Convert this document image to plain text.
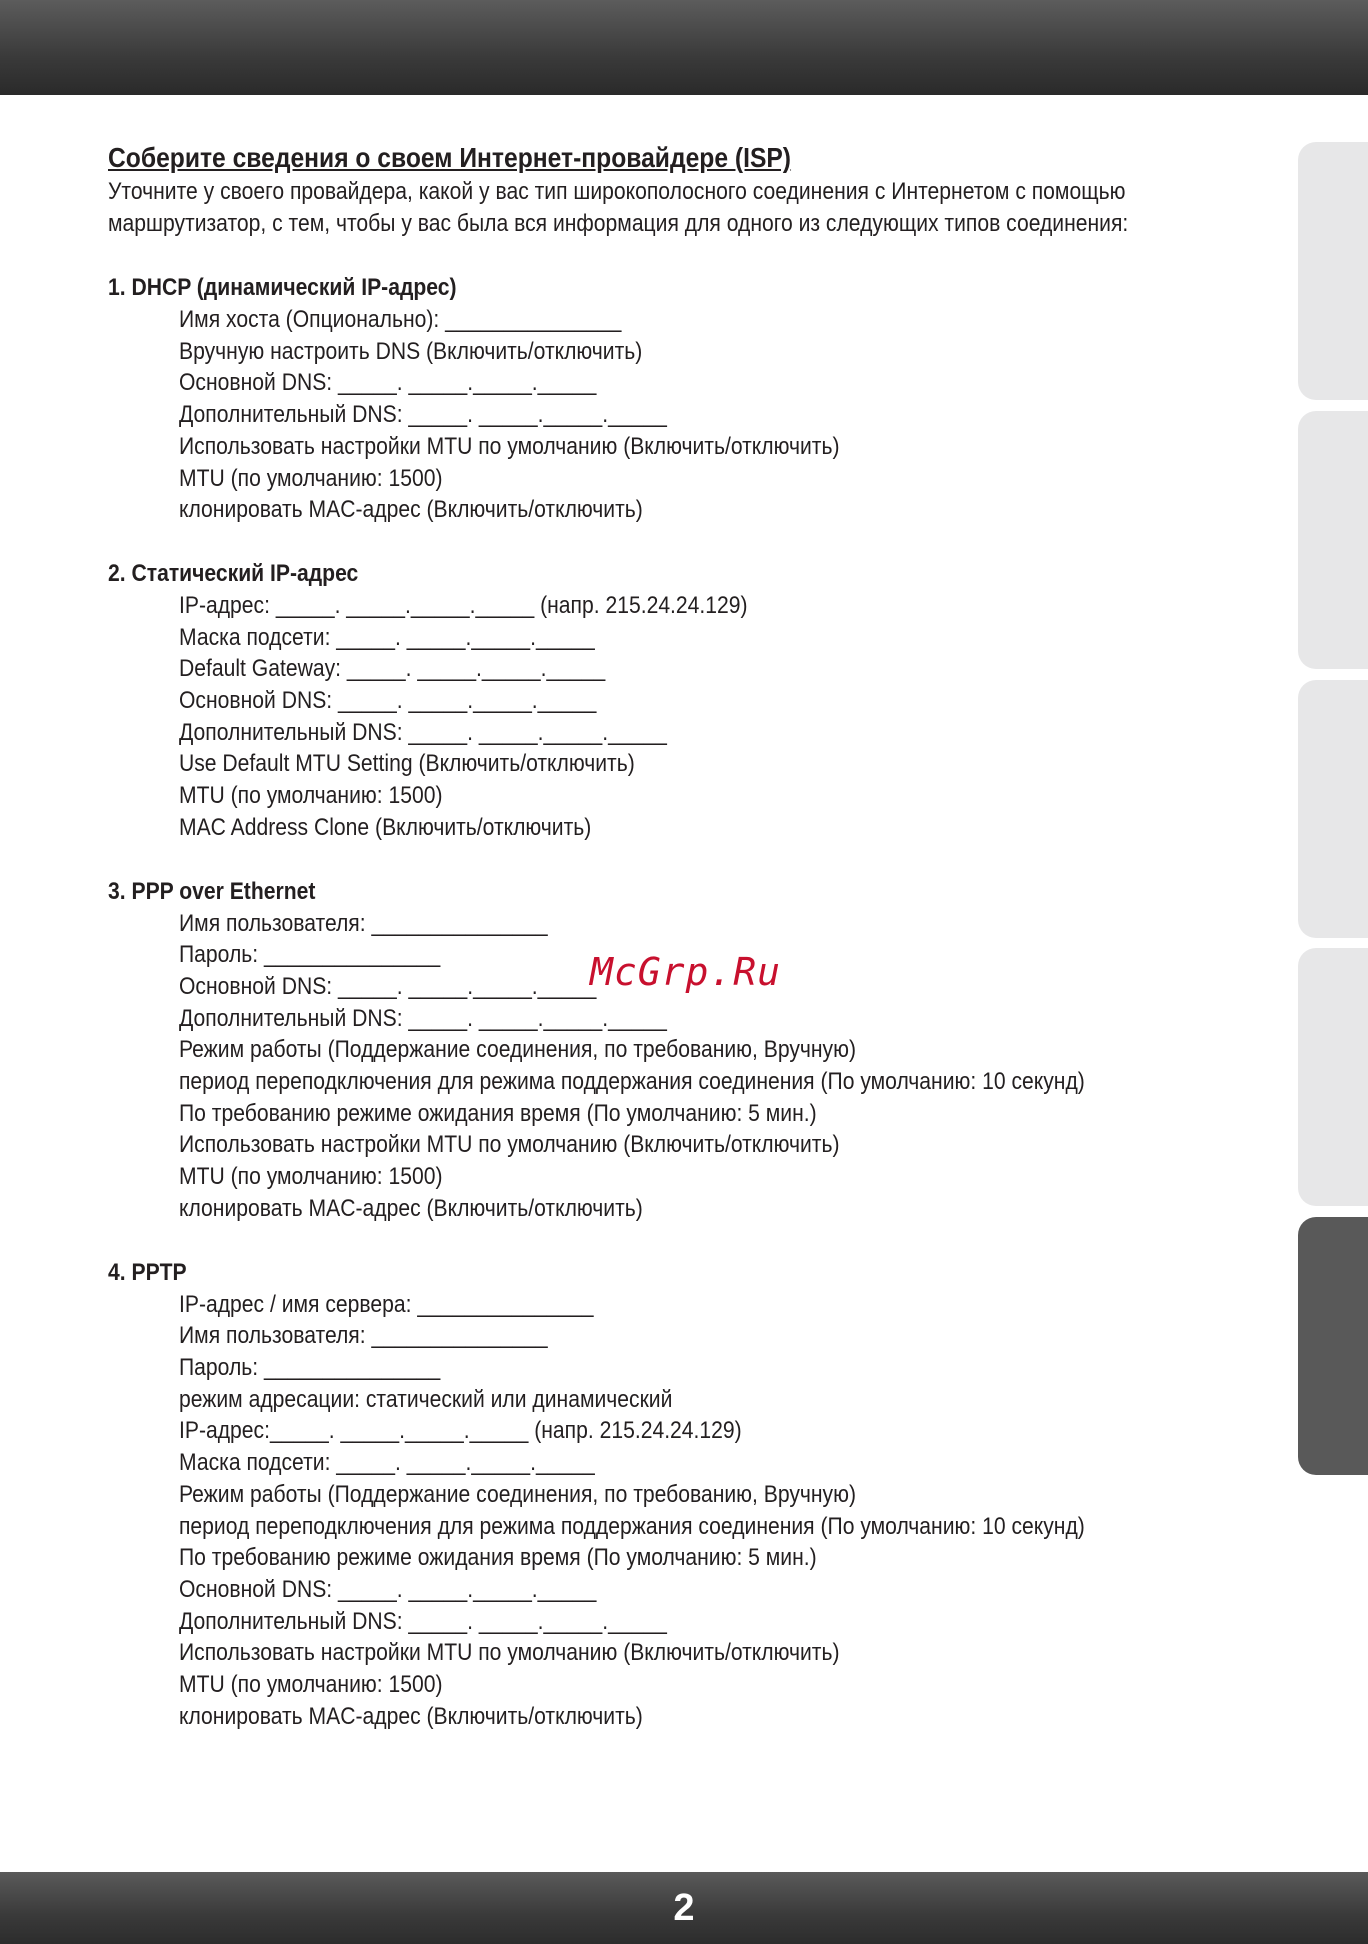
Соберите сведения о своем Интернет-провайдере (ISP)

Уточните у своего провайдера, какой у вас тип широкополосного соединения с Интернетом с помощью

маршрутизатор, с тем, чтобы у вас была вся информация для одного из следующих типов соединения:

1. DHCP (динамический IP-адрес)
Имя хоста (Опционально): _______________
Вручную настроить DNS (Включить/отключить)
Основной DNS: _____. _____._____._____
Дополнительный DNS: _____. _____._____._____
Использовать настройки MTU по умолчанию (Включить/отключить)
MTU (по умолчанию: 1500)
клонировать MAC-адрес (Включить/отключить)
2. Статический IP-адрес
IP-адрес: _____. _____._____._____ (напр. 215.24.24.129)
Маска подсети: _____. _____._____._____
Default Gateway: _____. _____._____._____
Основной DNS: _____. _____._____._____
Дополнительный DNS: _____. _____._____._____
Use Default MTU Setting (Включить/отключить)
MTU (по умолчанию: 1500)
MAC Address Clone (Включить/отключить)
3. PPP over Ethernet
Имя пользователя: _______________
Пароль: _______________
Основной DNS: _____. _____._____._____
Дополнительный DNS: _____. _____._____._____
Режим работы (Поддержание соединения, по требованию, Вручную)
период переподключения для режима поддержания соединения (По умолчанию: 10 секунд)
По требованию режиме ожидания время (По умолчанию: 5 мин.)
Использовать настройки MTU по умолчанию (Включить/отключить)
MTU (по умолчанию: 1500)
клонировать MAC-адрес (Включить/отключить)
4. PPTP
IP-адрес / имя сервера: _______________
Имя пользователя: _______________
Пароль: _______________
режим адресации: статический или динамический
IP-адрес:_____. _____._____._____ (напр. 215.24.24.129)
Маска подсети: _____. _____._____._____
Режим работы (Поддержание соединения, по требованию, Вручную)
период переподключения для режима поддержания соединения (По умолчанию: 10 секунд)
По требованию режиме ожидания время (По умолчанию: 5 мин.)
Основной DNS: _____. _____._____._____
Дополнительный DNS: _____. _____._____._____
Использовать настройки MTU по умолчанию (Включить/отключить)
MTU (по умолчанию: 1500)
клонировать MAC-адрес (Включить/отключить)
McGrp.Ru
2
